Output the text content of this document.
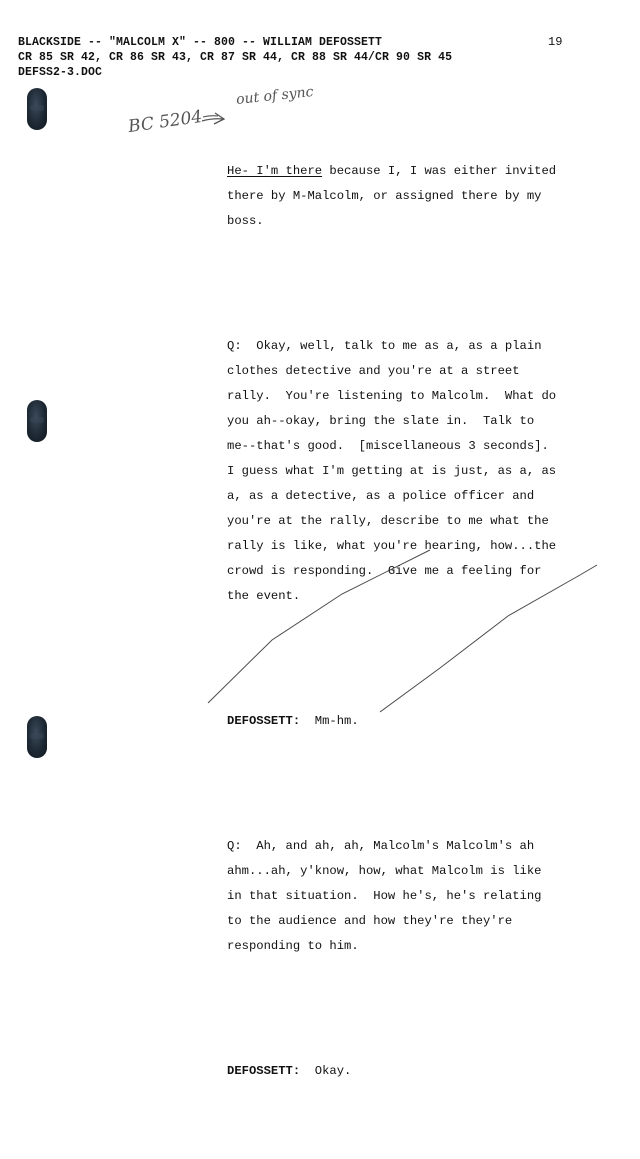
BLACKSIDE -- "MALCOLM X" -- 800 -- WILLIAM DEFOSSETT
CR 85 SR 42, CR 86 SR 43, CR 87 SR 44, CR 88 SR 44/CR 90 SR 45
DEFSS2-3.DOC
19
BC 5204
out of sync

He- I'm there because I, I was either invited
there by M-Malcolm, or assigned there by my
boss.

Q:  Okay, well, talk to me as a, as a plain
clothes detective and you're at a street
rally.  You're listening to Malcolm.  What do
you ah--okay, bring the slate in.  Talk to
me--that's good.  [miscellaneous 3 seconds].
I guess what I'm getting at is just, as a, as
a, as a detective, as a police officer and
you're at the rally, describe to me what the
rally is like, what you're hearing, how...the
crowd is responding.  Give me a feeling for
the event.

DEFOSSETT:  Mm-hm.

Q:  Ah, and ah, ah, Malcolm's Malcolm's ah
ahm...ah, y'know, how, what Malcolm is like
in that situation.  How he's, he's relating
to the audience and how they're they're
responding to him.

DEFOSSETT:  Okay.
